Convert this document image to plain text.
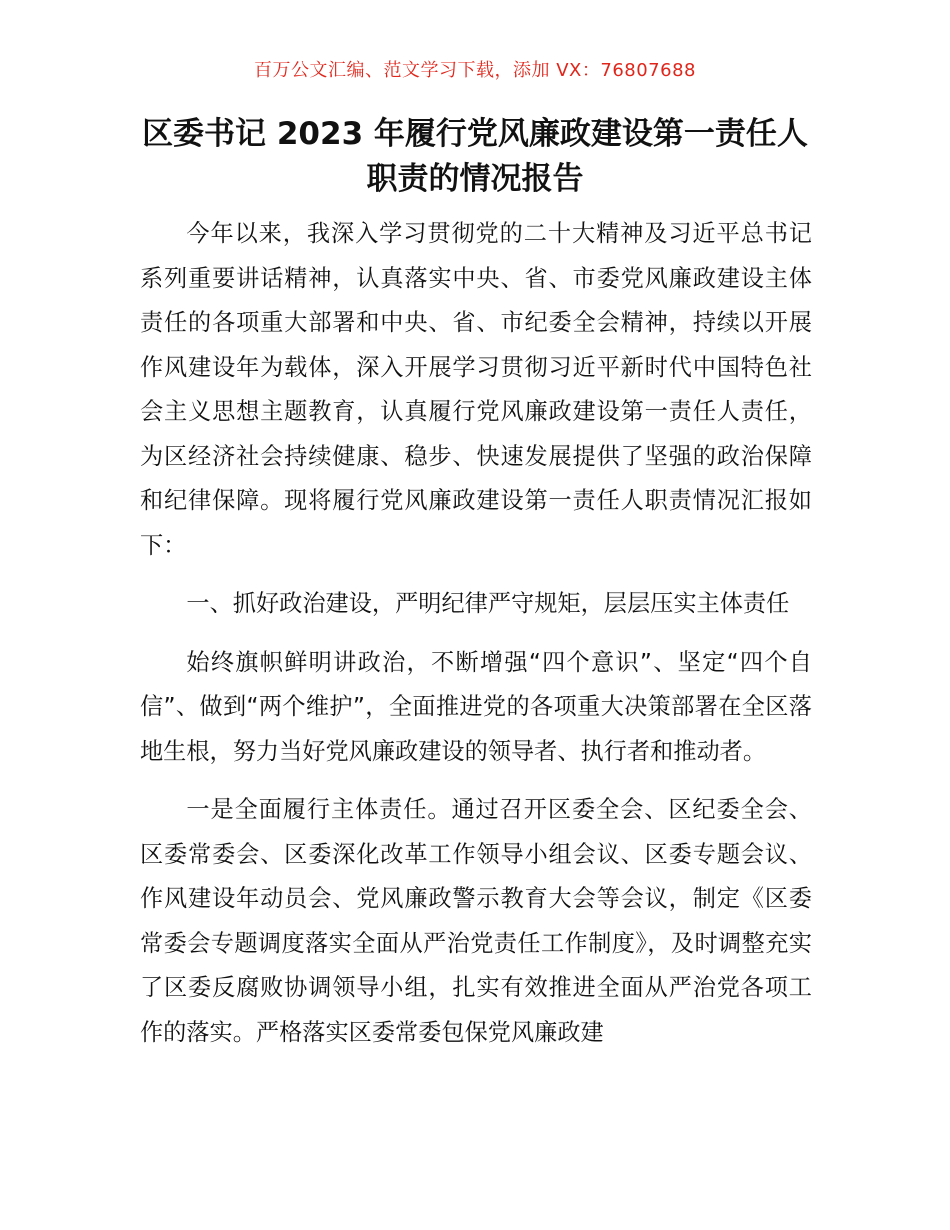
百万公文汇编、范文学习下载，添加 VX：76807688
区委书记 2023 年履行党风廉政建设第一责任人
职责的情况报告

今年以来，我深入学习贯彻党的二十大精神及习近平总书记系列重要讲话精神，认真落实中央、省、市委党风廉政建设主体责任的各项重大部署和中央、省、市纪委全会精神，持续以开展作风建设年为载体，深入开展学习贯彻习近平新时代中国特色社会主义思想主题教育，认真履行党风廉政建设第一责任人责任，为区经济社会持续健康、稳步、快速发展提供了坚强的政治保障和纪律保障。现将履行党风廉政建设第一责任人职责情况汇报如下：

一、抓好政治建设，严明纪律严守规矩，层层压实主体责任

始终旗帜鲜明讲政治，不断增强“四个意识”、坚定“四个自信”、做到“两个维护”，全面推进党的各项重大决策部署在全区落地生根，努力当好党风廉政建设的领导者、执行者和推动者。

一是全面履行主体责任。通过召开区委全会、区纪委全会、区委常委会、区委深化改革工作领导小组会议、区委专题会议、作风建设年动员会、党风廉政警示教育大会等会议，制定《区委常委会专题调度落实全面从严治党责任工作制度》，及时调整充实了区委反腐败协调领导小组，扎实有效推进全面从严治党各项工作的落实。严格落实区委常委包保党风廉政建
